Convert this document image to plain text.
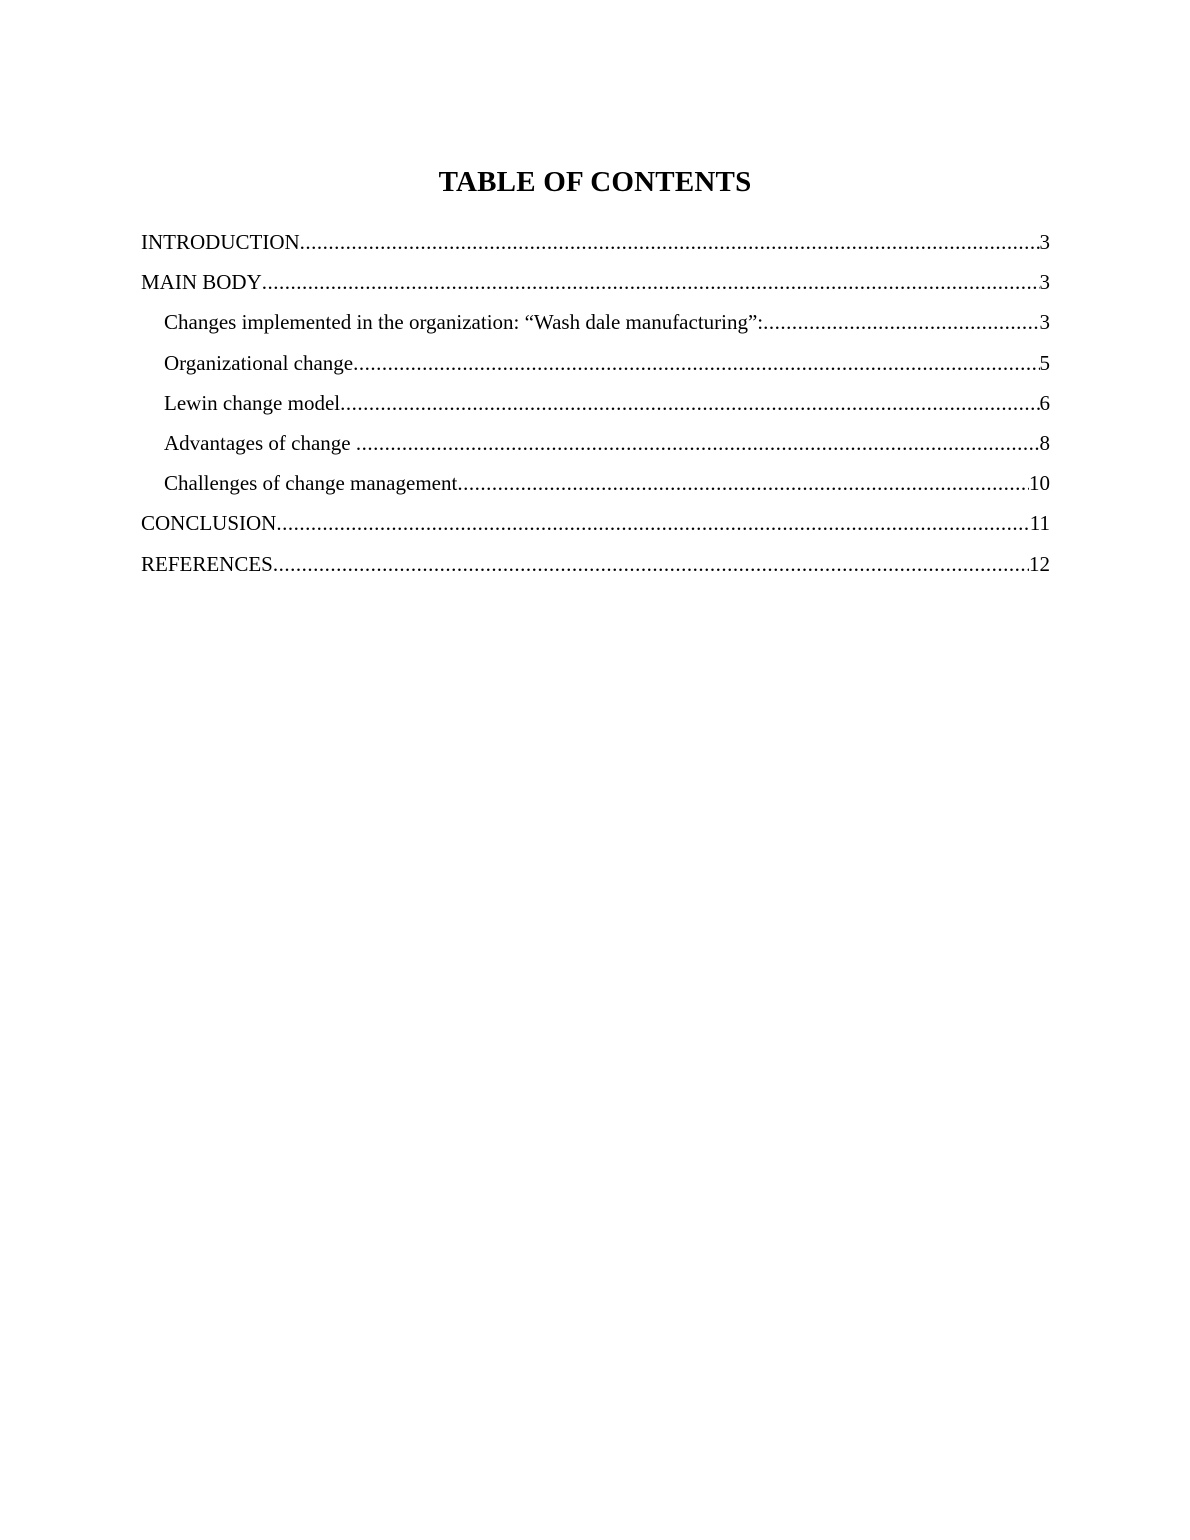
TABLE OF CONTENTS
INTRODUCTION .....	3
MAIN BODY .....	3
Changes implemented in the organization: “Wash dale manufacturing”: .....	3
Organizational change .....	5
Lewin change model .....	6
Advantages of change .....	8
Challenges of change management .....	10
CONCLUSION .....	11
REFERENCES .....	12
